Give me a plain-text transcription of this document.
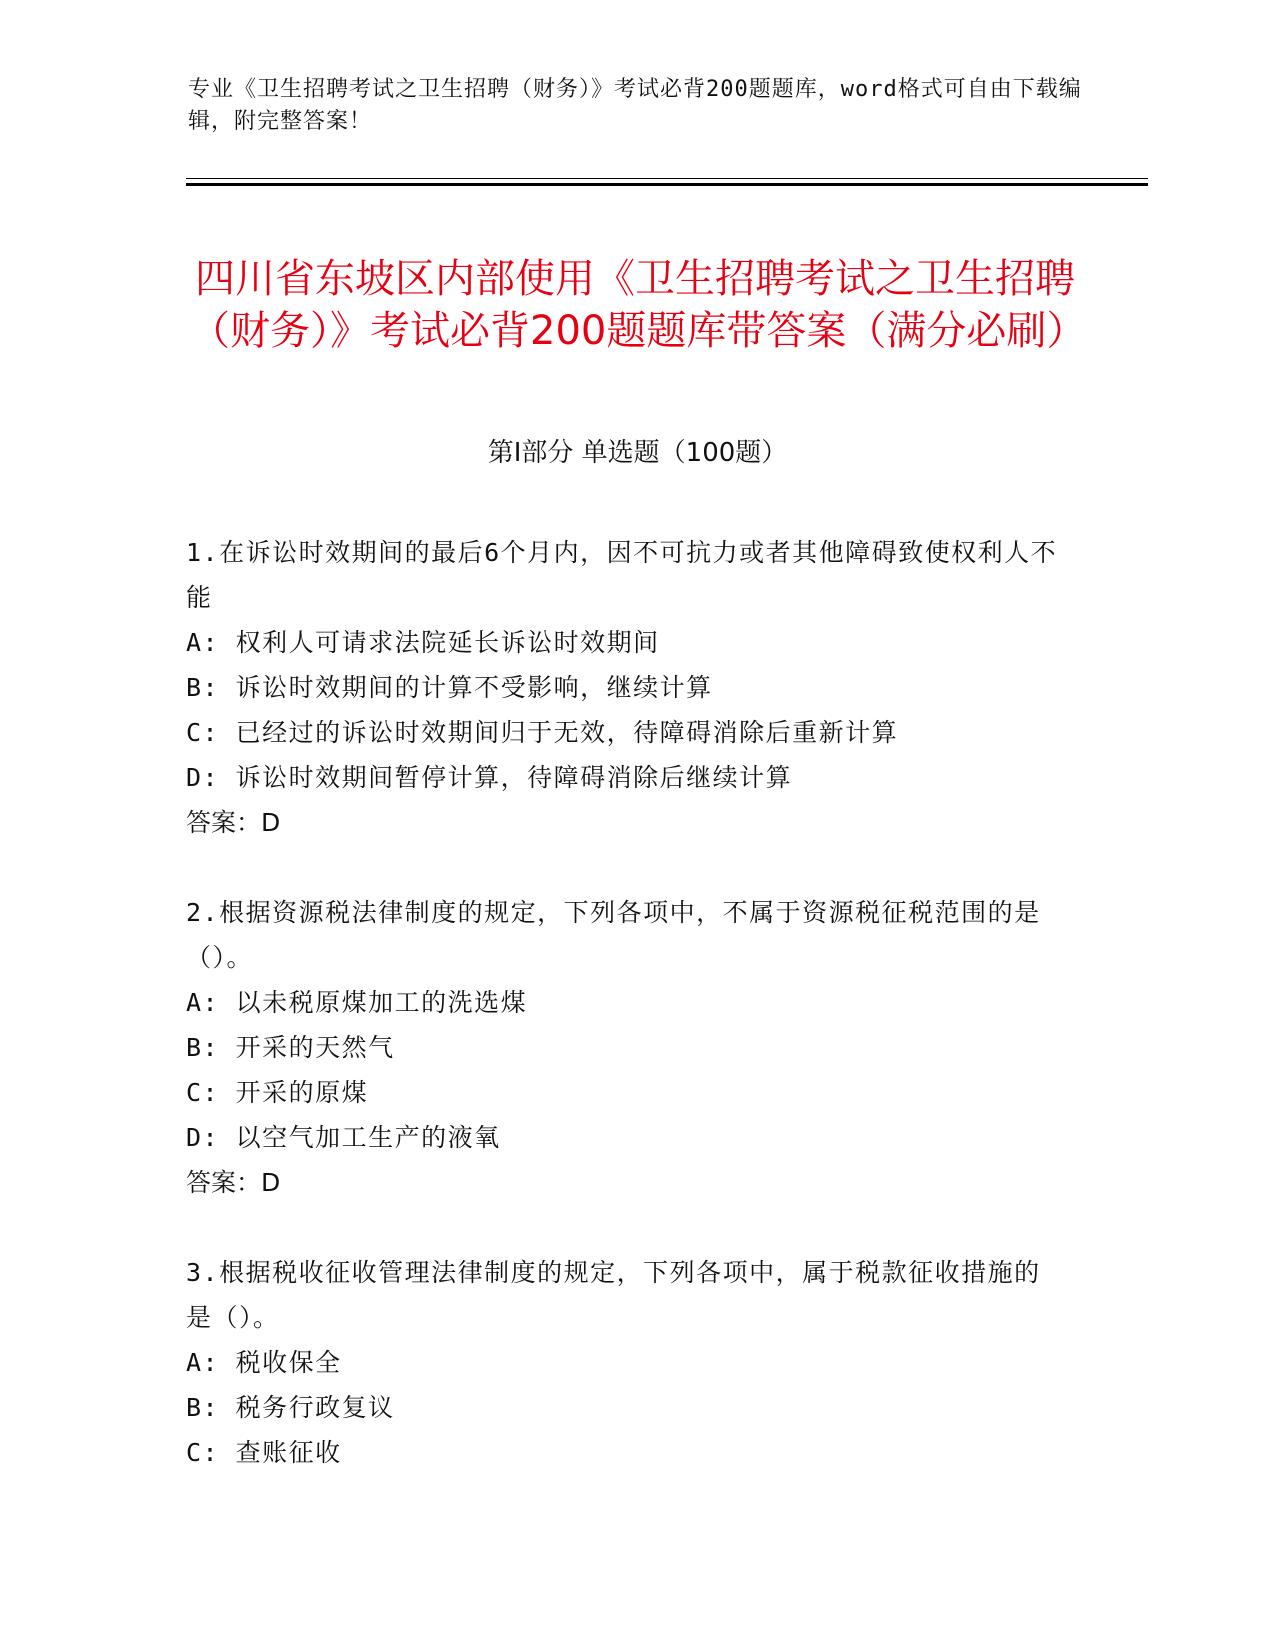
专业《卫生招聘考试之卫生招聘（财务）》考试必背200题题库，word格式可自由下载编辑，附完整答案！
四川省东坡区内部使用《卫生招聘考试之卫生招聘（财务）》考试必背200题题库带答案（满分必刷）
第Ⅰ部分 单选题（100题）
1.在诉讼时效期间的最后6个月内，因不可抗力或者其他障碍致使权利人不能
A: 权利人可请求法院延长诉讼时效期间
B: 诉讼时效期间的计算不受影响，继续计算
C: 已经过的诉讼时效期间归于无效，待障碍消除后重新计算
D: 诉讼时效期间暂停计算，待障碍消除后继续计算
答案：D
2.根据资源税法律制度的规定，下列各项中，不属于资源税征税范围的是（）。
A: 以未税原煤加工的洗选煤
B: 开采的天然气
C: 开采的原煤
D: 以空气加工生产的液氧
答案：D
3.根据税收征收管理法律制度的规定，下列各项中，属于税款征收措施的是（）。
A: 税收保全
B: 税务行政复议
C: 查账征收
